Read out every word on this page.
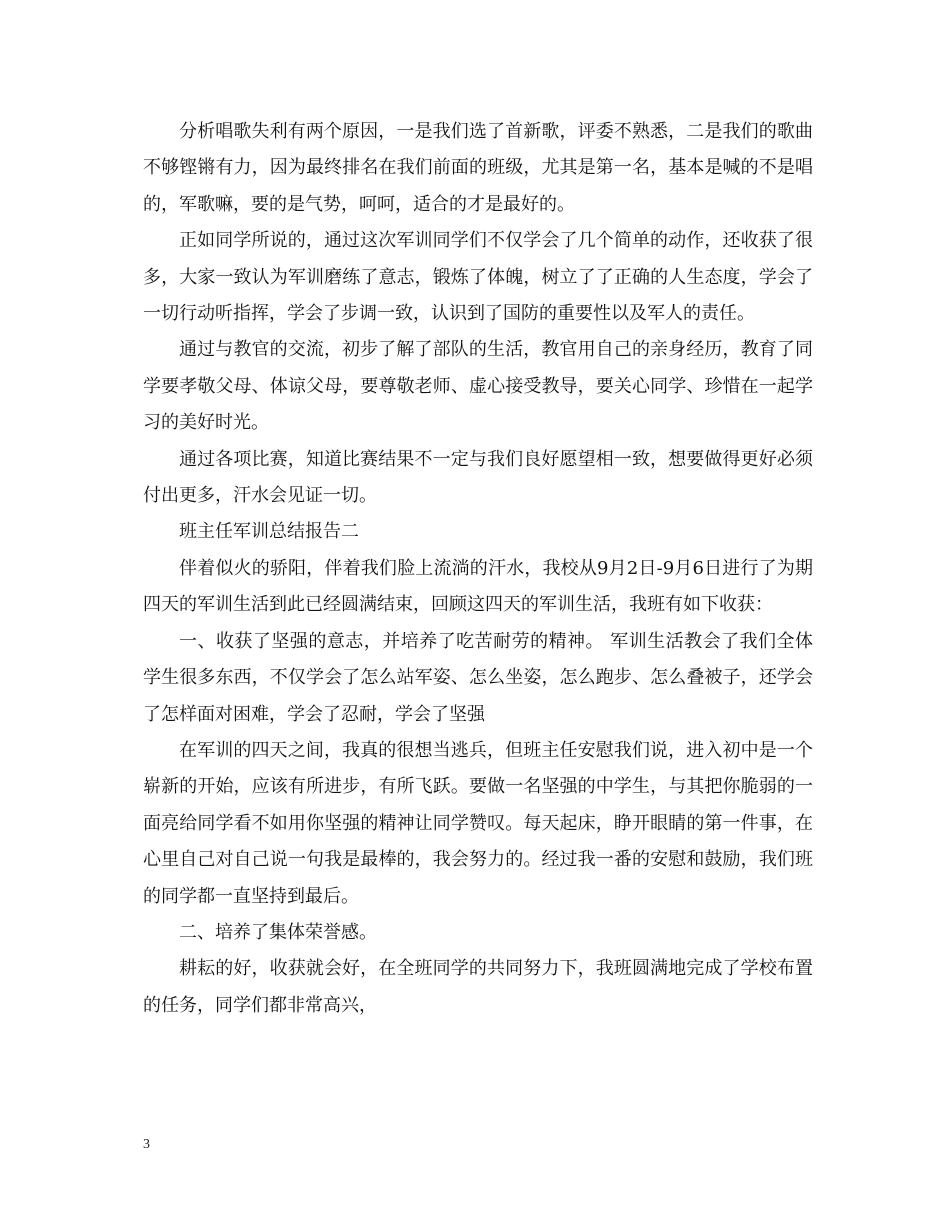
分析唱歌失利有两个原因，一是我们选了首新歌，评委不熟悉，二是我们的歌曲不够铿锵有力，因为最终排名在我们前面的班级，尤其是第一名，基本是喊的不是唱的，军歌嘛，要的是气势，呵呵，适合的才是最好的。

正如同学所说的，通过这次军训同学们不仅学会了几个简单的动作，还收获了很多，大家一致认为军训磨练了意志，锻炼了体魄，树立了了正确的人生态度，学会了一切行动听指挥，学会了步调一致，认识到了国防的重要性以及军人的责任。

通过与教官的交流，初步了解了部队的生活，教官用自己的亲身经历，教育了同学要孝敬父母、体谅父母，要尊敬老师、虚心接受教导，要关心同学、珍惜在一起学习的美好时光。

通过各项比赛，知道比赛结果不一定与我们良好愿望相一致，想要做得更好必须付出更多，汗水会见证一切。

班主任军训总结报告二

伴着似火的骄阳，伴着我们脸上流淌的汗水，我校从9月2日-9月6日进行了为期四天的军训生活到此已经圆满结束，回顾这四天的军训生活，我班有如下收获：

一、收获了坚强的意志，并培养了吃苦耐劳的精神。 军训生活教会了我们全体学生很多东西，不仅学会了怎么站军姿、怎么坐姿，怎么跑步、怎么叠被子，还学会了怎样面对困难，学会了忍耐，学会了坚强

在军训的四天之间，我真的很想当逃兵，但班主任安慰我们说，进入初中是一个崭新的开始，应该有所进步，有所飞跃。要做一名坚强的中学生，与其把你脆弱的一面亮给同学看不如用你坚强的精神让同学赞叹。每天起床，睁开眼睛的第一件事，在心里自己对自己说一句我是最棒的，我会努力的。经过我一番的安慰和鼓励，我们班的同学都一直坚持到最后。

二、培养了集体荣誉感。

耕耘的好，收获就会好，在全班同学的共同努力下，我班圆满地完成了学校布置的任务，同学们都非常高兴，

3
